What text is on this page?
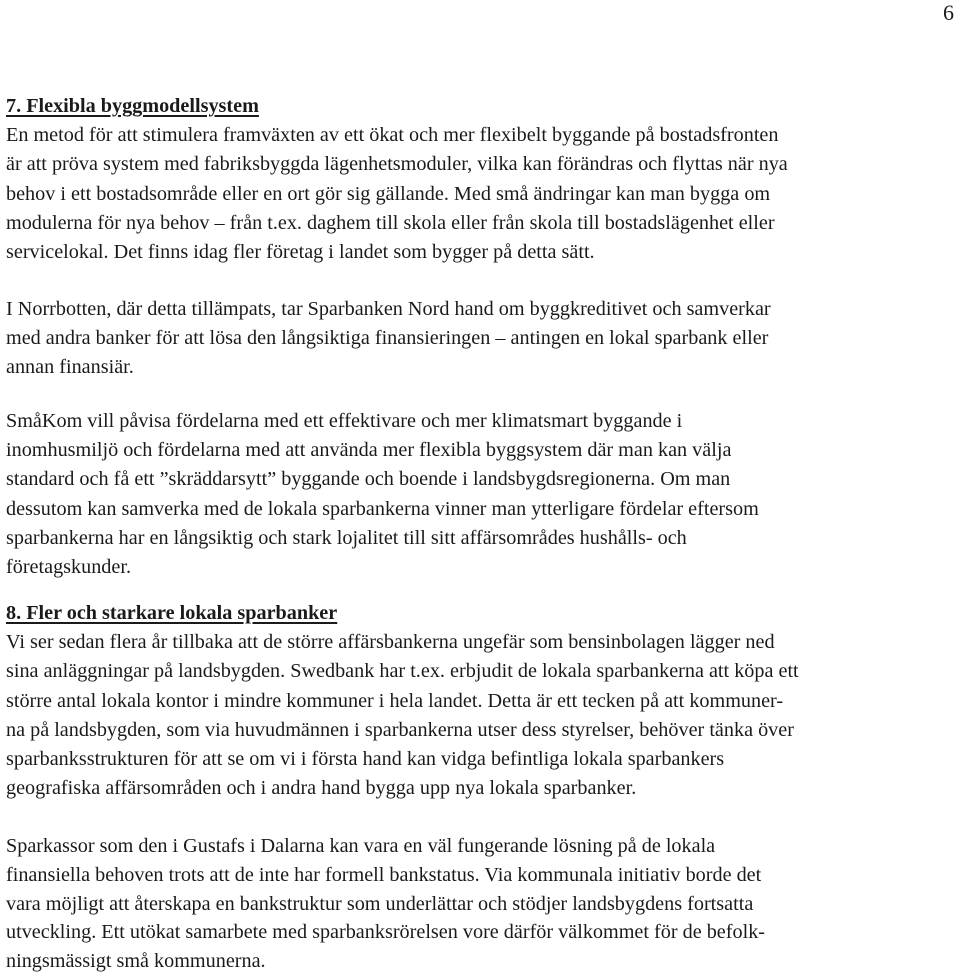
6
7. Flexibla byggmodellsystem
En metod för att stimulera framväxten av ett ökat och mer flexibelt byggande på bostadsfronten
är att pröva system med fabriksbyggda lägenhetsmoduler, vilka kan förändras och flyttas när nya
behov i ett bostadsområde eller en ort gör sig gällande. Med små ändringar kan man bygga om
modulerna för nya behov – från t.ex. daghem till skola eller från skola till bostadslägenhet eller
servicelokal. Det finns idag fler företag i landet som bygger på detta sätt.
I Norrbotten, där detta tillämpats, tar Sparbanken Nord hand om byggkreditivet och samverkar
med andra banker för att lösa den långsiktiga finansieringen – antingen en lokal sparbank eller
annan finansiär.
SmåKom vill påvisa fördelarna med ett effektivare och mer klimatsmart byggande i
inomhusmiljö och fördelarna med att använda mer flexibla byggsystem där man kan välja
standard och få ett ”skräddarsytt” byggande och boende i landsbygdsregionerna. Om man
dessutom kan samverka med de lokala sparbankerna vinner man ytterligare fördelar eftersom
sparbankerna har en långsiktig och stark lojalitet till sitt affärsområdes hushålls- och
företagskunder.
8. Fler och starkare lokala sparbanker
Vi ser sedan flera år tillbaka att de större affärsbankerna ungefär som bensinbolagen lägger ned
sina anläggningar på landsbygden. Swedbank har t.ex. erbjudit de lokala sparbankerna att köpa ett
större antal lokala kontor i mindre kommuner i hela landet. Detta är ett tecken på att kommuner-
na på landsbygden, som via huvudmännen i sparbankerna utser dess styrelser, behöver tänka över
sparbanksstrukturen för att se om vi i första hand kan vidga befintliga lokala sparbankers
geografiska affärsområden och i andra hand bygga upp nya lokala sparbanker.
Sparkassor som den i Gustafs i Dalarna kan vara en väl fungerande lösning på de lokala
finansiella behoven trots att de inte har formell bankstatus. Via kommunala initiativ borde det
vara möjligt att återskapa en bankstruktur som underlättar och stödjer landsbygdens fortsatta
utveckling. Ett utökat samarbete med sparbanksrörelsen vore därför välkommet för de befolk-
ningsmässigt små kommunerna.
